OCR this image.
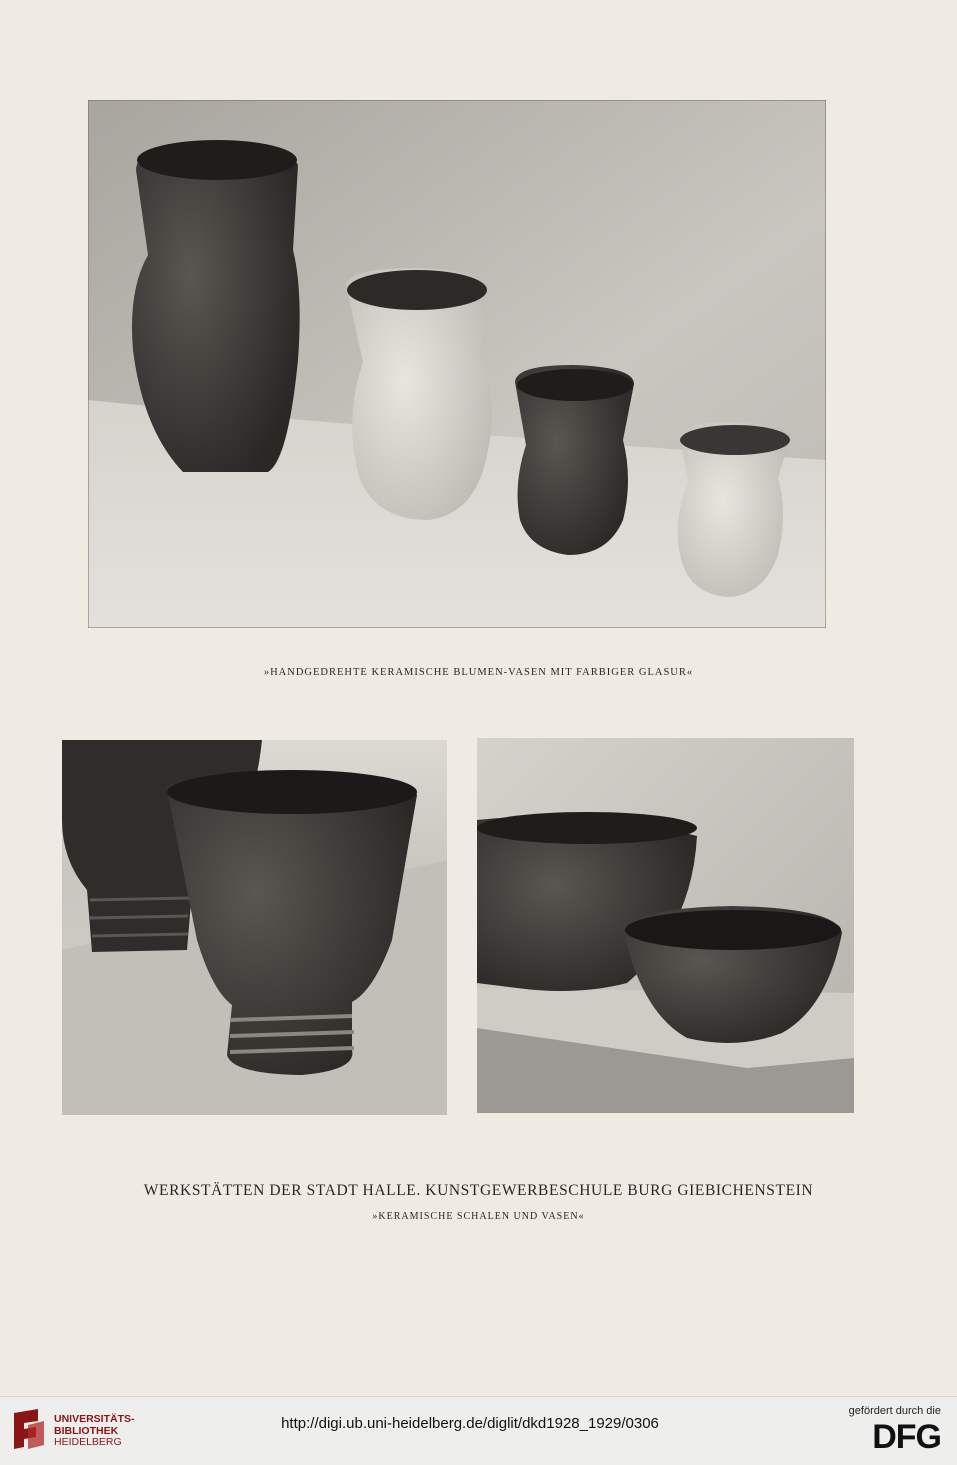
»HANDGEDREHTE KERAMISCHE BLUMEN-VASEN MIT FARBIGER GLASUR«
WERKSTÄTTEN DER STADT HALLE. KUNSTGEWERBESCHULE BURG GIEBICHENSTEIN
»KERAMISCHE SCHALEN UND VASEN«
UNIVERSITÄTS-
BIBLIOTHEK
HEIDELBERG
http://digi.ub.uni-heidelberg.de/diglit/dkd1928_1929/0306
gefördert durch die
DFG
